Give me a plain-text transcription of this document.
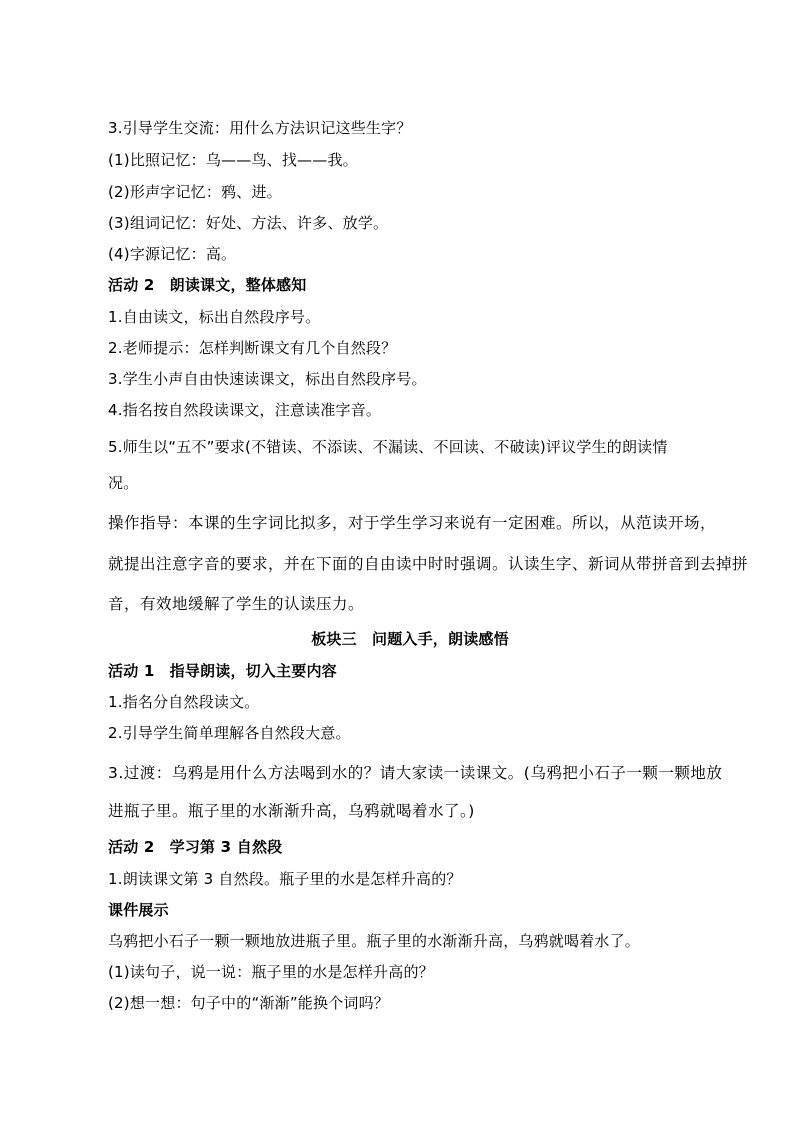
3.引导学生交流：用什么方法识记这些生字？
(1)比照记忆：乌——鸟、找——我。
(2)形声字记忆：鸦、进。
(3)组词记忆：好处、方法、许多、放学。
(4)字源记忆：高。
活动 2　朗读课文，整体感知
1.自由读文，标出自然段序号。
2.老师提示：怎样判断课文有几个自然段？
3.学生小声自由快速读课文，标出自然段序号。
4.指名按自然段读课文，注意读准字音。
5.师生以“五不”要求(不错读、不添读、不漏读、不回读、不破读)评议学生的朗读情
况。
操作指导：本课的生字词比拟多，对于学生学习来说有一定困难。所以，从范读开场，
就提出注意字音的要求，并在下面的自由读中时时强调。认读生字、新词从带拼音到去掉拼
音，有效地缓解了学生的认读压力。
板块三　问题入手，朗读感悟
活动 1　指导朗读，切入主要内容
1.指名分自然段读文。
2.引导学生简单理解各自然段大意。
3.过渡：乌鸦是用什么方法喝到水的？请大家读一读课文。(乌鸦把小石子一颗一颗地放
进瓶子里。瓶子里的水渐渐升高，乌鸦就喝着水了。)
活动 2　学习第 3 自然段
1.朗读课文第 3 自然段。瓶子里的水是怎样升高的？
课件展示
乌鸦把小石子一颗一颗地放进瓶子里。瓶子里的水渐渐升高，乌鸦就喝着水了。
(1)读句子，说一说：瓶子里的水是怎样升高的？
(2)想一想：句子中的“渐渐”能换个词吗？
